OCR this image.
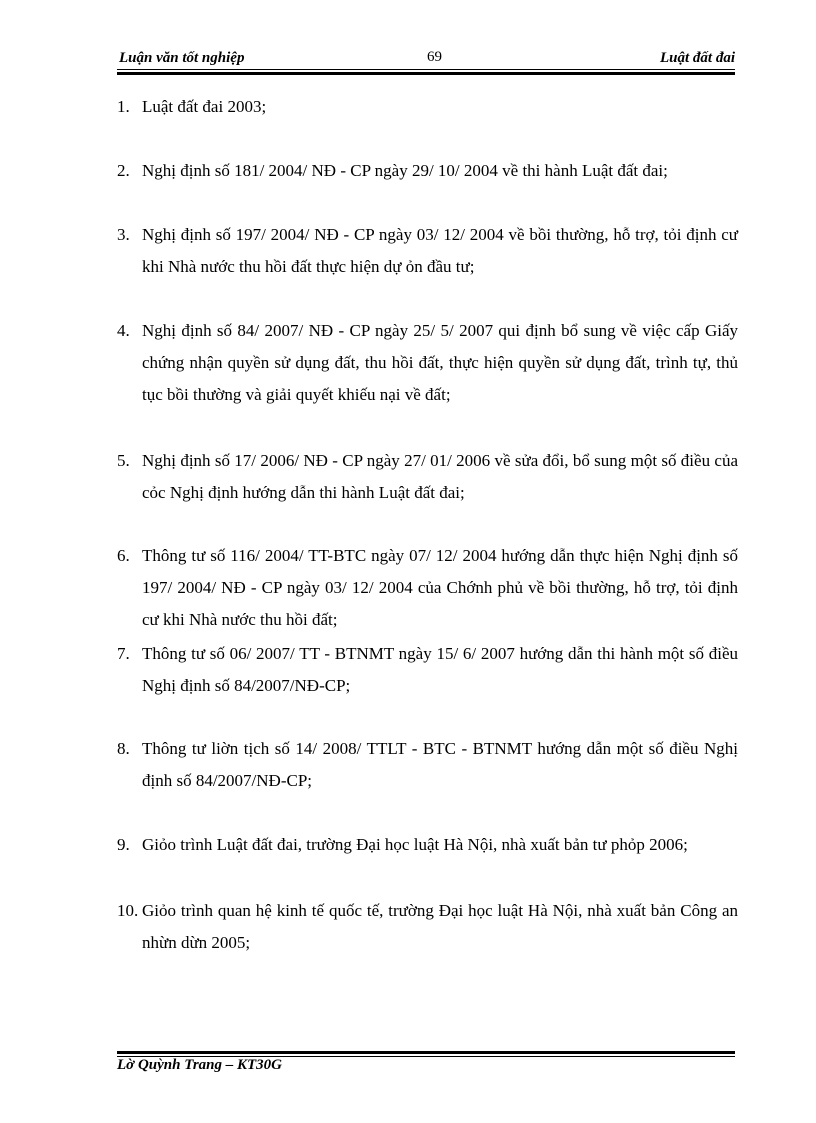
Luận văn tốt nghiệp	69	Luật đất đai
1. Luật đất đai 2003;
2. Nghị định số 181/ 2004/ NĐ - CP ngày 29/ 10/ 2004 về thi hành Luật đất đai;
3. Nghị định số 197/ 2004/ NĐ - CP ngày 03/ 12/ 2004 về bồi thường, hỗ trợ, tỏi định cư khi Nhà nước thu hồi đất thực hiện dự ỏn đầu tư;
4. Nghị định số 84/ 2007/ NĐ - CP ngày 25/ 5/ 2007 qui định bổ sung về việc cấp Giấy chứng nhận quyền sử dụng đất, thu hồi đất, thực hiện quyền sử dụng đất, trình tự, thủ tục bồi thường và giải quyết khiếu nại về đất;
5. Nghị định số 17/ 2006/ NĐ - CP ngày 27/ 01/ 2006 về sửa đổi, bổ sung một số điều của cỏc Nghị định hướng dẫn thi hành Luật đất đai;
6. Thông tư số 116/ 2004/ TT-BTC ngày 07/ 12/ 2004 hướng dẫn thực hiện Nghị định số 197/ 2004/ NĐ - CP ngày 03/ 12/ 2004 của Chớnh phủ về bồi thường, hỗ trợ, tỏi định cư khi Nhà nước thu hồi đất;
7. Thông tư số 06/ 2007/ TT - BTNMT ngày 15/ 6/ 2007 hướng dẫn thi hành một số điều Nghị định số 84/2007/NĐ-CP;
8. Thông tư liờn tịch số 14/ 2008/ TTLT - BTC - BTNMT hướng dẫn một số điều Nghị định số 84/2007/NĐ-CP;
9. Giỏo trình Luật đất đai, trường Đại học luật Hà Nội, nhà xuất bản tư phỏp 2006;
10. Giỏo trình quan hệ kinh tế quốc tế, trường Đại học luật Hà Nội, nhà xuất bản Công an nhừn dừn 2005;
Lờ Quỳnh Trang – KT30G
